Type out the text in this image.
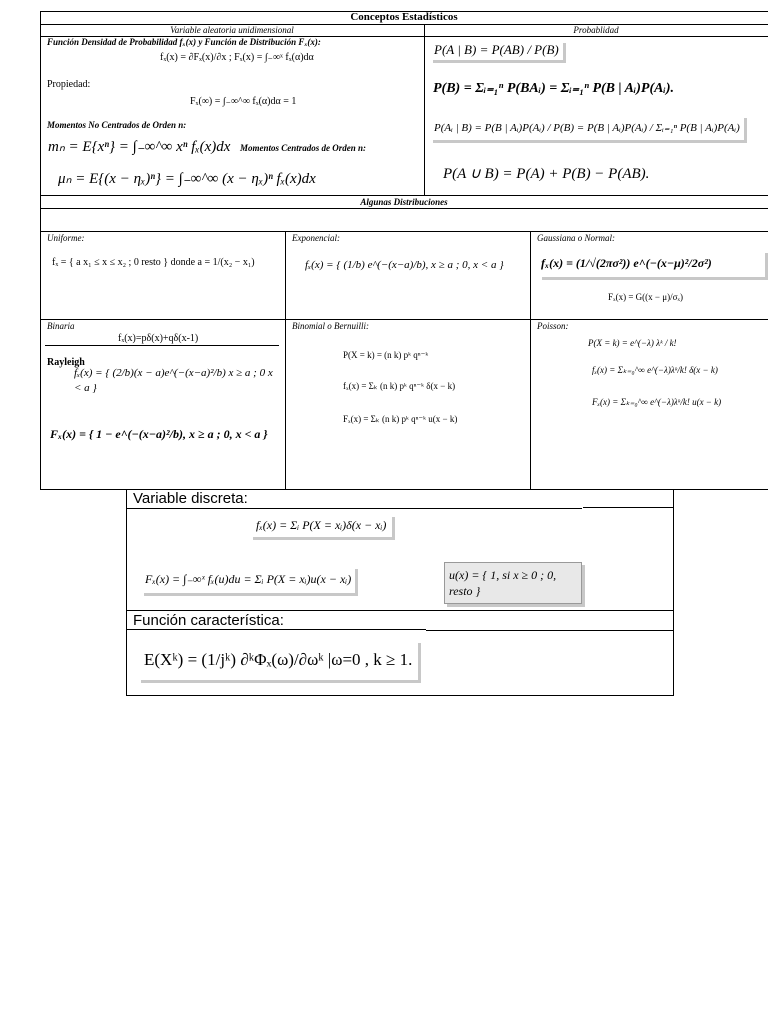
Conceptos Estadísticos
Variable aleatoria unidimensional	Probablidad
Función Densidad de Probabilidad fₓ(x) y Función de Distribución Fₓ(x):
fₓ(x) = ∂Fₓ(x)/∂x ; Fₓ(x) = ∫₋∞ˣ fₓ(α)dα
Propiedad:
Fₓ(∞) = ∫₋∞^∞ fₓ(α)dα = 1
Momentos No Centrados de Orden n:
mₙ = E{xⁿ} = ∫₋∞^∞ xⁿ fₓ(x)dx Momentos Centrados de Orden n:
μₙ = E{(x − ηₓ)ⁿ} = ∫₋∞^∞ (x − ηₓ)ⁿ fₓ(x)dx
P(A | B) = P(AB) / P(B)
P(B) = Σᵢ₌₁ⁿ P(BAᵢ) = Σᵢ₌₁ⁿ P(B | Aᵢ)P(Aᵢ).
P(Aᵢ | B) = P(B | Aᵢ)P(Aᵢ) / P(B) = P(B | Aᵢ)P(Aᵢ) / Σᵢ₌₁ⁿ P(B | Aᵢ)P(Aᵢ)
P(A ∪ B) = P(A) + P(B) − P(AB).
Algunas Distribuciones
Uniforme:
fₓ = { a x₁ ≤ x ≤ x₂ ; 0 resto } donde a = 1/(x₂ − x₁)
Exponencial:
fₓ(x) = { (1/b) e^(−(x−a)/b), x ≥ a ; 0, x < a }
Gaussiana o Normal:
fₓ(x) = (1/√(2πσ²)) e^(−(x−μ)²/2σ²)
Fₓ(x) = G((x − μ)/σₓ)
Binaria
fₓ(x)=pδ(x)+qδ(x-1)
Rayleigh
fₓ(x) = { (2/b)(x − a)e^(−(x−a)²/b) x ≥ a ; 0 x < a }
Fₓ(x) = { 1 − e^(−(x−a)²/b), x ≥ a ; 0, x < a }
Binomial o Bernuilli:
P(X = k) = (n k) pᵏ qⁿ⁻ᵏ
fₓ(x) = Σₖ (n k) pᵏ qⁿ⁻ᵏ δ(x − k)
Fₓ(x) = Σₖ (n k) pᵏ qⁿ⁻ᵏ u(x − k)
Poisson:
P(X = k) = e^(−λ) λᵏ / k!
fₓ(x) = Σₖ₌₀^∞ e^(−λ)λᵏ/k! δ(x − k)
Fₓ(x) = Σₖ₌₀^∞ e^(−λ)λᵏ/k! u(x − k)
Variable discreta:
fₓ(x) = Σᵢ P(X = xᵢ)δ(x − xᵢ)
Fₓ(x) = ∫₋∞ˣ fₓ(u)du = Σᵢ P(X = xᵢ)u(x − xᵢ)	u(x) = { 1, si x ≥ 0 ; 0, resto }
Función característica:
E(Xᵏ) = (1/jᵏ) ∂ᵏΦₓ(ω)/∂ωᵏ |ω=0 , k ≥ 1.
